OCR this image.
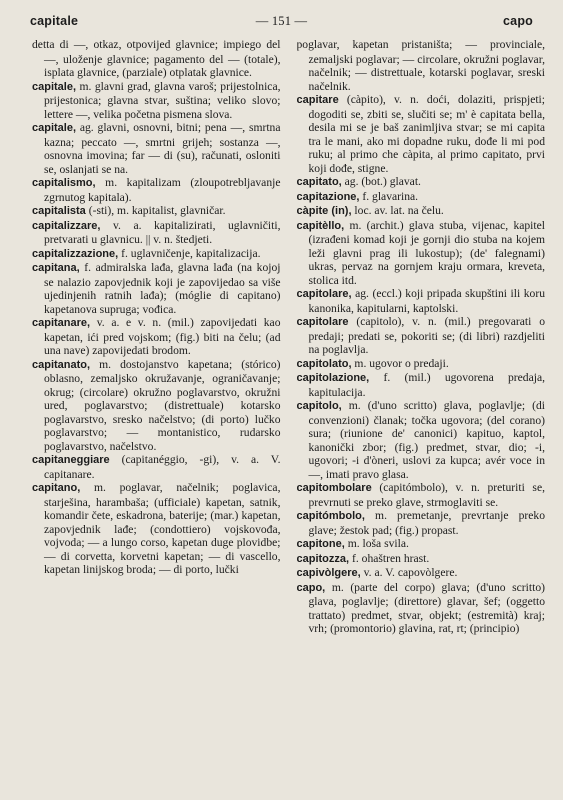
capitale	— 151 —	capo

detta di —, otkaz, otpovijed glavnice; impiego del —, uloženje glavnice; pagamento del — (totale), isplata glavnice, (parziale) otplatak glavnice.

capitale, m. glavni grad, glavna varoš; prijestolnica, prijestonica; glavna stvar, suština; veliko slovo; lettere —, velika početna pismena slova.

capitale, ag. glavni, osnovni, bitni; pena —, smrtna kazna; peccato —, smrtni grijeh; sostanza —, osnovna imovina; far — di (su), računati, osloniti se, oslanjati se na.

capitalismo, m. kapitalizam (zloupotrebljavanje zgrnutog kapitala).

capitalista (-sti), m. kapitalist, glavničar.

capitalizzare, v. a. kapitalizirati, uglavničiti, pretvarati u glavnicu. || v. n. štedjeti.

capitalizzazione, f. uglavničenje, kapitalizacija.

capitana, f. admiralska lađa, glavna lađa (na kojoj se nalazio zapovjednik koji je zapovijedao sa više ujedinjenih ratnih lađa); (móglie di capitano) kapetanova supruga; vođica.

capitanare, v. a. e v. n. (mil.) zapovijedati kao kapetan, ići pred vojskom; (fig.) biti na čelu; (ad una nave) zapovijedati brodom.

capitanato, m. dostojanstvo kapetana; (stórico) oblasno, zemaljsko okružavanje, ograničavanje; okrug; (circolare) okružno poglavarstvo, okružni ured, poglavarstvo; (distrettuale) kotarsko poglavarstvo, sresko načelstvo; (di porto) lučko poglavarstvo; — montanistico, rudarsko poglavarstvo, načelstvo.

capitaneggiare (capitanéggio, -gi), v. a. V. capitanare.

capitano, m. poglavar, načelnik; poglavica, starješina, harambaša; (ufficiale) kapetan, satnik, komandir čete, eskadrona, baterije; (mar.) kapetan, zapovjednik lađe; (condottiero) vojskovođa, vojvoda; — a lungo corso, kapetan duge plovidbe; — di corvetta, korvetni kapetan; — di vascello, kapetan linijskog broda; — di porto, lučki

poglavar, kapetan pristaništa; — provinciale, zemaljski poglavar; — circolare, okružni poglavar, načelnik; — distrettuale, kotarski poglavar, sreski načelnik.

capitare (càpito), v. n. doći, dolaziti, prispjeti; dogoditi se, zbiti se, slučiti se; m' è capitata bella, desila mi se je baš zanimljiva stvar; se mi capita tra le mani, ako mi dopadne ruku, dođe li mi pod ruku; al primo che càpita, al primo capitato, prvi koji dođe, stigne.

capitato, ag. (bot.) glavat.

capitazione, f. glavarina.

càpite (in), loc. av. lat. na čelu.

capitèllo, m. (archit.) glava stuba, vijenac, kapitel (izrađeni komad koji je gornji dio stuba na kojem leži glavni prag ili lukostup); (de' falegnami) ukras, pervaz na gornjem kraju ormara, kreveta, stolica itd.

capitolare, ag. (eccl.) koji pripada skupštini ili koru kanonika, kapitularni, kaptolski.

capitolare (capitolo), v. n. (mil.) pregovarati o predaji; predati se, pokoriti se; (di libri) razdjeliti na poglavlja.

capitolato, m. ugovor o predaji.

capitolazione, f. (mil.) ugovorena predaja, kapitulacija.

capitolo, m. (d'uno scritto) glava, poglavlje; (di convenzioni) članak; točka ugovora; (del corano) sura; (riunione de' canonici) kapituo, kaptol, kanonički zbor; (fig.) predmet, stvar, dio; -i, ugovori; -i d'òneri, uslovi za kupca; avér voce in —, imati pravo glasa.

capitombolare (capitómbolo), v. n. preturiti se, prevrnuti se preko glave, strmoglaviti se.

capitómbolo, m. premetanje, prevrtanje preko glave; žestok pad; (fig.) propast.

capitone, m. loša svila.

capitozza, f. ohaštren hrast.

capivòlgere, v. a. V. capovòlgere.

capo, m. (parte del corpo) glava; (d'uno scritto) glava, poglavlje; (direttore) glavar, šef; (oggetto trattato) predmet, stvar, objekt; (estremità) kraj; vrh; (promontorio) glavina, rat, rt; (principio)
